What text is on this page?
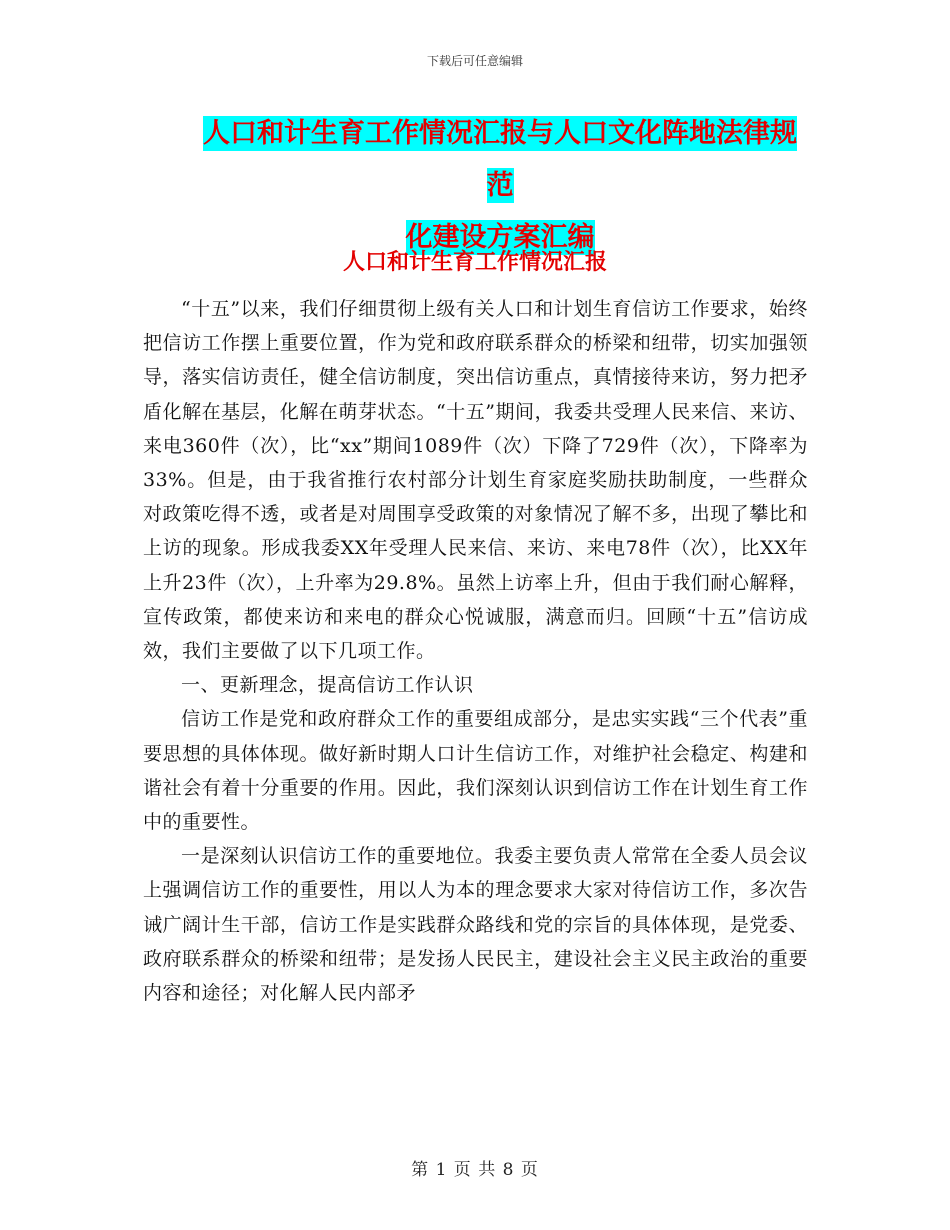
下载后可任意编辑
人口和计生育工作情况汇报与人口文化阵地法律规范
化建设方案汇编
人口和计生育工作情况汇报

“十五”以来，我们仔细贯彻上级有关人口和计划生育信访工作要求，始终把信访工作摆上重要位置，作为党和政府联系群众的桥梁和纽带，切实加强领导，落实信访责任，健全信访制度，突出信访重点，真情接待来访，努力把矛盾化解在基层，化解在萌芽状态。“十五”期间，我委共受理人民来信、来访、来电360件（次），比“xx”期间1089件（次）下降了729件（次），下降率为33%。但是，由于我省推行农村部分计划生育家庭奖励扶助制度，一些群众对政策吃得不透，或者是对周围享受政策的对象情况了解不多，出现了攀比和上访的现象。形成我委XX年受理人民来信、来访、来电78件（次），比XX年上升23件（次），上升率为29.8%。虽然上访率上升，但由于我们耐心解释，宣传政策，都使来访和来电的群众心悦诚服，满意而归。回顾“十五”信访成效，我们主要做了以下几项工作。

一、更新理念，提高信访工作认识

信访工作是党和政府群众工作的重要组成部分，是忠实实践“三个代表”重要思想的具体体现。做好新时期人口计生信访工作，对维护社会稳定、构建和谐社会有着十分重要的作用。因此，我们深刻认识到信访工作在计划生育工作中的重要性。

一是深刻认识信访工作的重要地位。我委主要负责人常常在全委人员会议上强调信访工作的重要性，用以人为本的理念要求大家对待信访工作，多次告诫广阔计生干部，信访工作是实践群众路线和党的宗旨的具体体现，是党委、政府联系群众的桥梁和纽带；是发扬人民民主，建设社会主义民主政治的重要内容和途径；对化解人民内部矛

第 1 页 共 8 页
